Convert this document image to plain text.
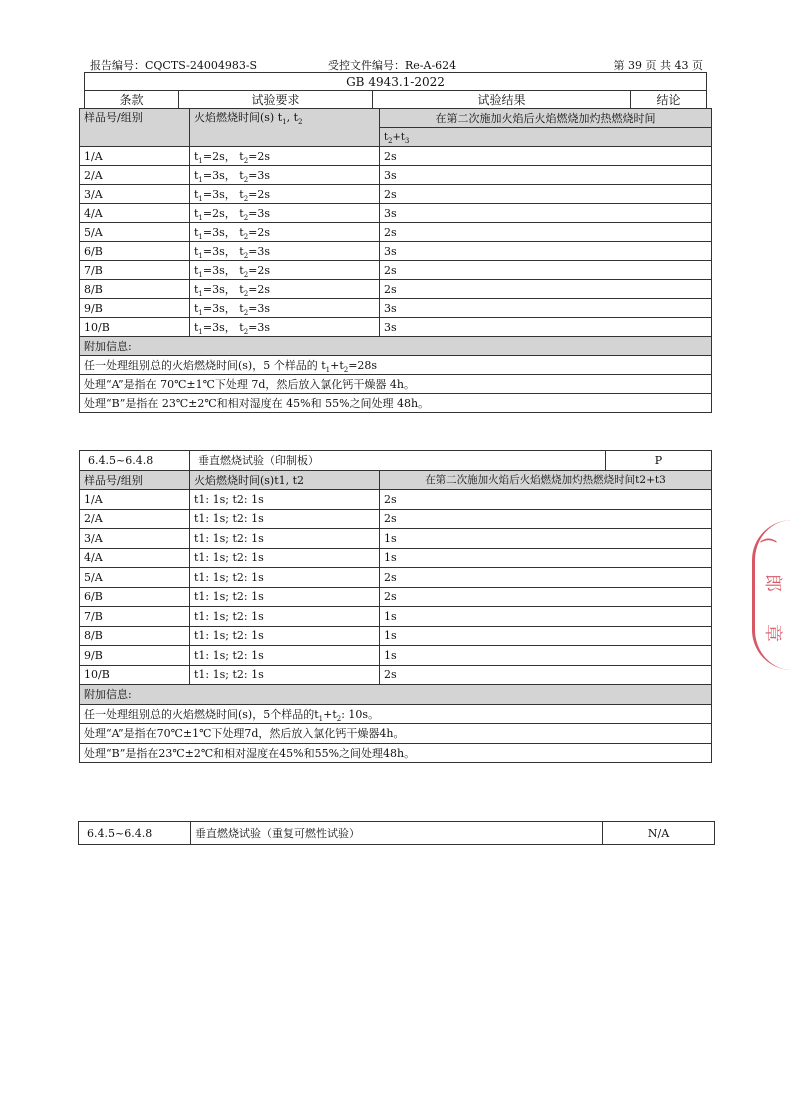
报告编号：CQCTS-24004983-S	受控文件编号：Re-A-624	第 39 页 共 43 页
GB 4943.1-2022
条款	试验要求	试验结果	结论
样品号/组别	火焰燃烧时间(s) $t_1$, $t_2$	在第二次施加火焰后火焰燃烧加灼热燃烧时间
		$t_2+t_3$
1/A	$t_1=2s$， $t_2=2s$	2s
2/A	$t_1=3s$， $t_2=3s$	3s
3/A	$t_1=3s$， $t_2=2s$	2s
4/A	$t_1=2s$， $t_2=3s$	3s
5/A	$t_1=3s$， $t_2=2s$	2s
6/B	$t_1=3s$， $t_2=3s$	3s
7/B	$t_1=3s$， $t_2=2s$	2s
8/B	$t_1=3s$， $t_2=2s$	2s
9/B	$t_1=3s$， $t_2=3s$	3s
10/B	$t_1=3s$， $t_2=3s$	3s
附加信息:		
任一处理组别总的火焰燃烧时间(s)，5 个样品的 $t_1+t_2=28s$		
处理“A”是指在 70℃±1℃下处理 7d，然后放入氯化钙干燥器 4h。		
处理“B”是指在 23℃±2℃和相对湿度在 45%和 55%之间处理 48h。		
6.4.5~6.4.8	垂直燃烧试验（印制板）		P
样品号/组别	火焰燃烧时间(s)t1, t2	在第二次施加火焰后火焰燃烧加灼热燃烧时间t2+t3	
1/A	t1: 1s; t2: 1s	2s	
2/A	t1: 1s; t2: 1s	2s	
3/A	t1: 1s; t2: 1s	1s	
4/A	t1: 1s; t2: 1s	1s	
5/A	t1: 1s; t2: 1s	2s	
6/B	t1: 1s; t2: 1s	2s	
7/B	t1: 1s; t2: 1s	1s	
8/B	t1: 1s; t2: 1s	1s	
9/B	t1: 1s; t2: 1s	1s	
10/B	t1: 1s; t2: 1s	2s	
附加信息:			
任一处理组别总的火焰燃烧时间(s)，5个样品的$t_1+t_2$: 10s。			
处理“A”是指在70℃±1℃下处理7d，然后放入氯化钙干燥器4h。			
处理“B”是指在23℃±2℃和相对湿度在45%和55%之间处理48h。			
6.4.5~6.4.8	垂直燃烧试验（重复可燃性试验）	N/A
(
郎
章
